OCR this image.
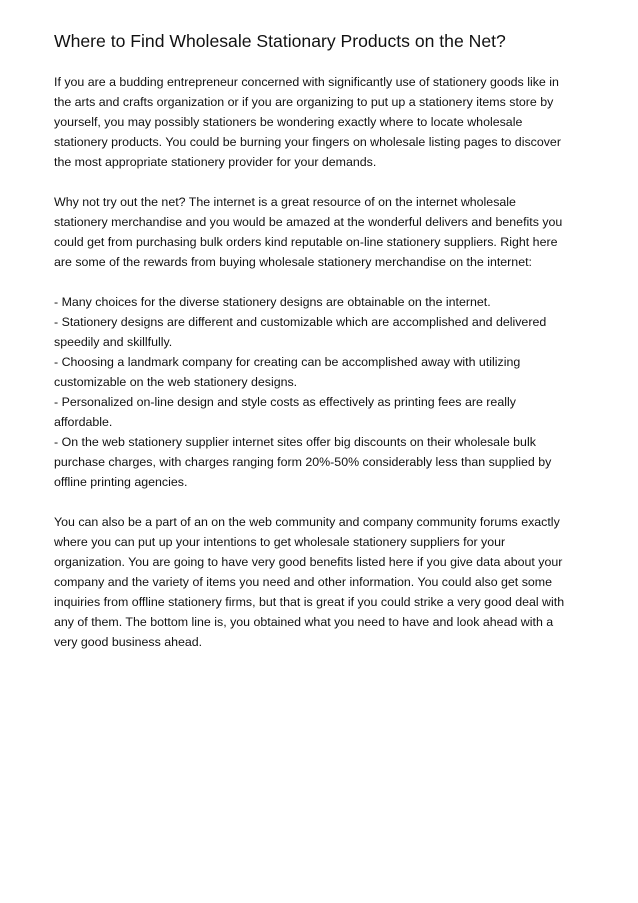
Where to Find Wholesale Stationary Products on the Net?
If you are a budding entrepreneur concerned with significantly use of stationery goods like in
the arts and crafts organization or if you are organizing to put up a stationery items store by
yourself, you may possibly stationers be wondering exactly where to locate wholesale
stationery products. You could be burning your fingers on wholesale listing pages to discover
the most appropriate stationery provider for your demands.
Why not try out the net? The internet is a great resource of on the internet wholesale
stationery merchandise and you would be amazed at the wonderful delivers and benefits you
could get from purchasing bulk orders kind reputable on-line stationery suppliers. Right here
are some of the rewards from buying wholesale stationery merchandise on the internet:
- Many choices for the diverse stationery designs are obtainable on the internet.
- Stationery designs are different and customizable which are accomplished and delivered
speedily and skillfully.
- Choosing a landmark company for creating can be accomplished away with utilizing
customizable on the web stationery designs.
- Personalized on-line design and style costs as effectively as printing fees are really
affordable.
- On the web stationery supplier internet sites offer big discounts on their wholesale bulk
purchase charges, with charges ranging form 20%-50% considerably less than supplied by
offline printing agencies.
You can also be a part of an on the web community and company community forums exactly
where you can put up your intentions to get wholesale stationery suppliers for your
organization. You are going to have very good benefits listed here if you give data about your
company and the variety of items you need and other information. You could also get some
inquiries from offline stationery firms, but that is great if you could strike a very good deal with
any of them. The bottom line is, you obtained what you need to have and look ahead with a
very good business ahead.
